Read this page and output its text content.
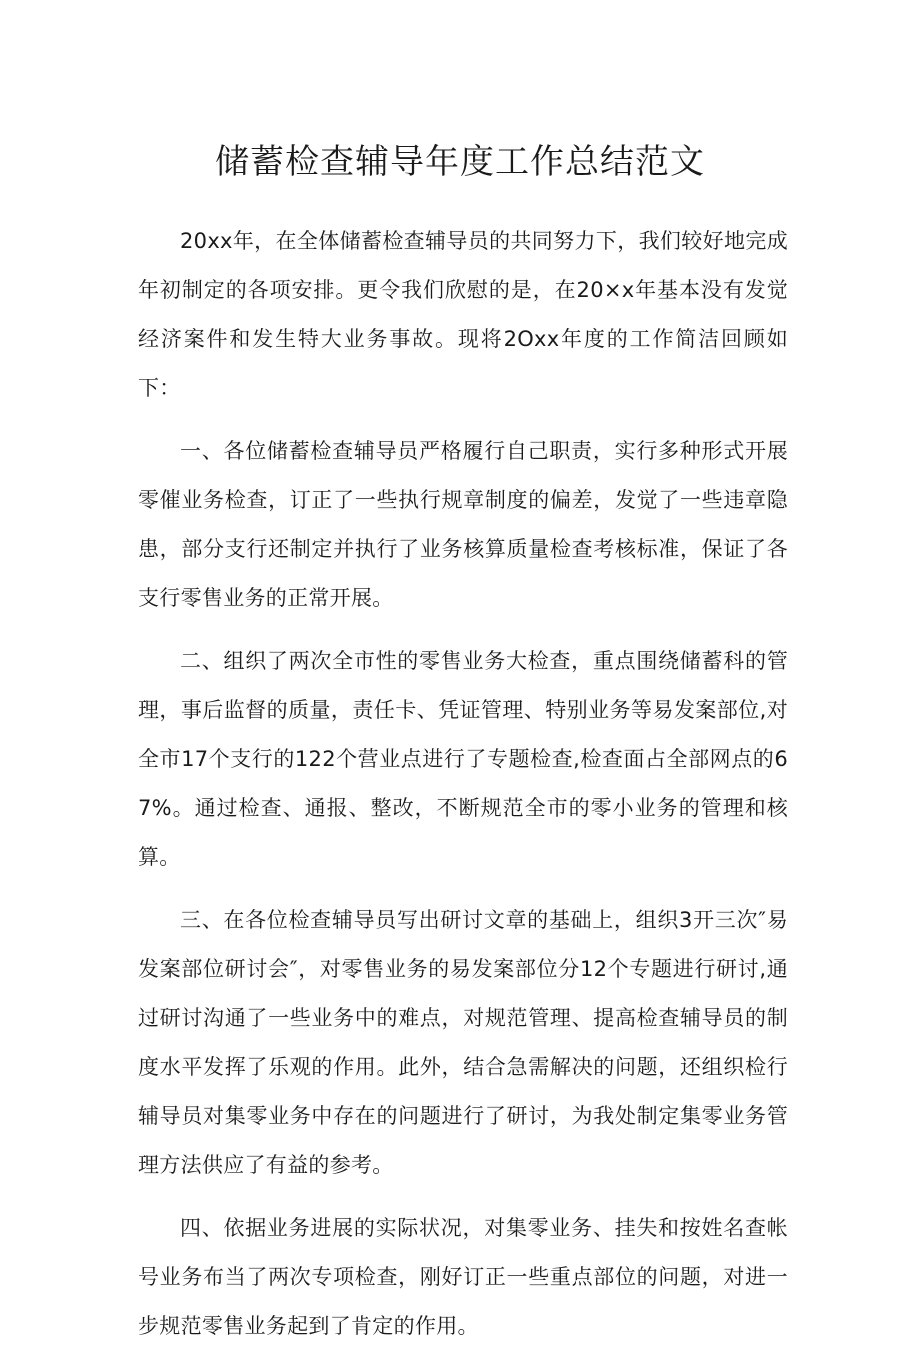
储蓄检查辅导年度工作总结范文

20xx年，在全体储蓄检查辅导员的共同努力下，我们较好地完成年初制定的各项安排。更令我们欣慰的是，在20×x年基本没有发觉经济案件和发生特大业务事故。现将2Oxx年度的工作简洁回顾如下：

一、各位储蓄检查辅导员严格履行自己职责，实行多种形式开展零催业务检查，订正了一些执行规章制度的偏差，发觉了一些违章隐患，部分支行还制定并执行了业务核算质量检查考核标准，保证了各支行零售业务的正常开展。

二、组织了两次全市性的零售业务大检查，重点围绕储蓄科的管理，事后监督的质量，责任卡、凭证管理、特别业务等易发案部位,对全市17个支行的122个营业点进行了专题检查,检查面占全部网点的67%。通过检查、通报、整改，不断规范全市的零小业务的管理和核算。

三、在各位检查辅导员写出研讨文章的基础上，组织3开三次″易发案部位研讨会″，对零售业务的易发案部位分12个专题进行研讨,通过研讨沟通了一些业务中的难点，对规范管理、提高检查辅导员的制度水平发挥了乐观的作用。此外，结合急需解决的问题，还组织检行辅导员对集零业务中存在的问题进行了研讨，为我处制定集零业务管理方法供应了有益的参考。

四、依据业务进展的实际状况，对集零业务、挂失和按姓名查帐号业务布当了两次专项检查，刚好订正一些重点部位的问题，对进一步规范零售业务起到了肯定的作用。
